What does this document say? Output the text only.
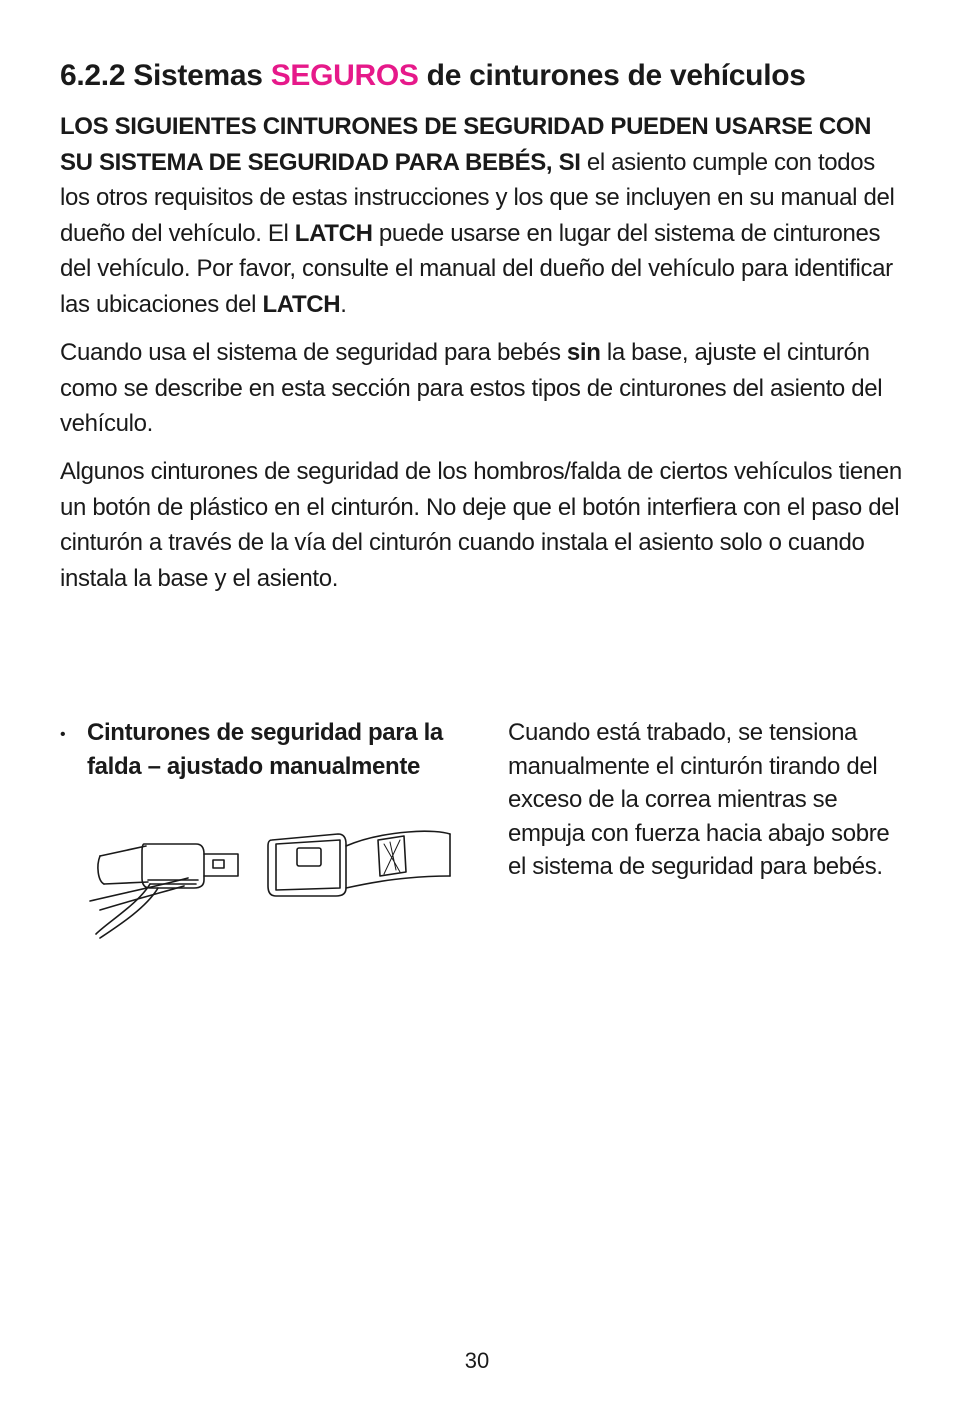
6.2.2 Sistemas SEGUROS de cinturones de vehículos

LOS SIGUIENTES CINTURONES DE SEGURIDAD PUEDEN USARSE CON SU SISTEMA DE SEGURIDAD PARA BEBÉS, SI el asiento cumple con todos los otros requisitos de estas instrucciones y los que se incluyen en su manual del dueño del vehículo. El LATCH puede usarse en lugar del sistema de cinturones del vehículo. Por favor, consulte el manual del dueño del vehículo para identificar las ubicaciones del LATCH.

Cuando usa el sistema de seguridad para bebés sin la base, ajuste el cinturón como se describe en esta sección para estos tipos de cinturones del asiento del vehículo.

Algunos cinturones de seguridad de los hombros/falda de ciertos vehículos tienen un botón de plástico en el cinturón. No deje que el botón interfiera con el paso del cinturón a través de la vía del cinturón cuando instala el asiento solo o cuando instala la base y el asiento.

• Cinturones de seguridad para la falda – ajustado manualmente
Cuando está trabado, se tensiona manualmente el cinturón tirando del exceso de la correa mientras se empuja con fuerza hacia abajo sobre el sistema de seguridad para bebés.
30
